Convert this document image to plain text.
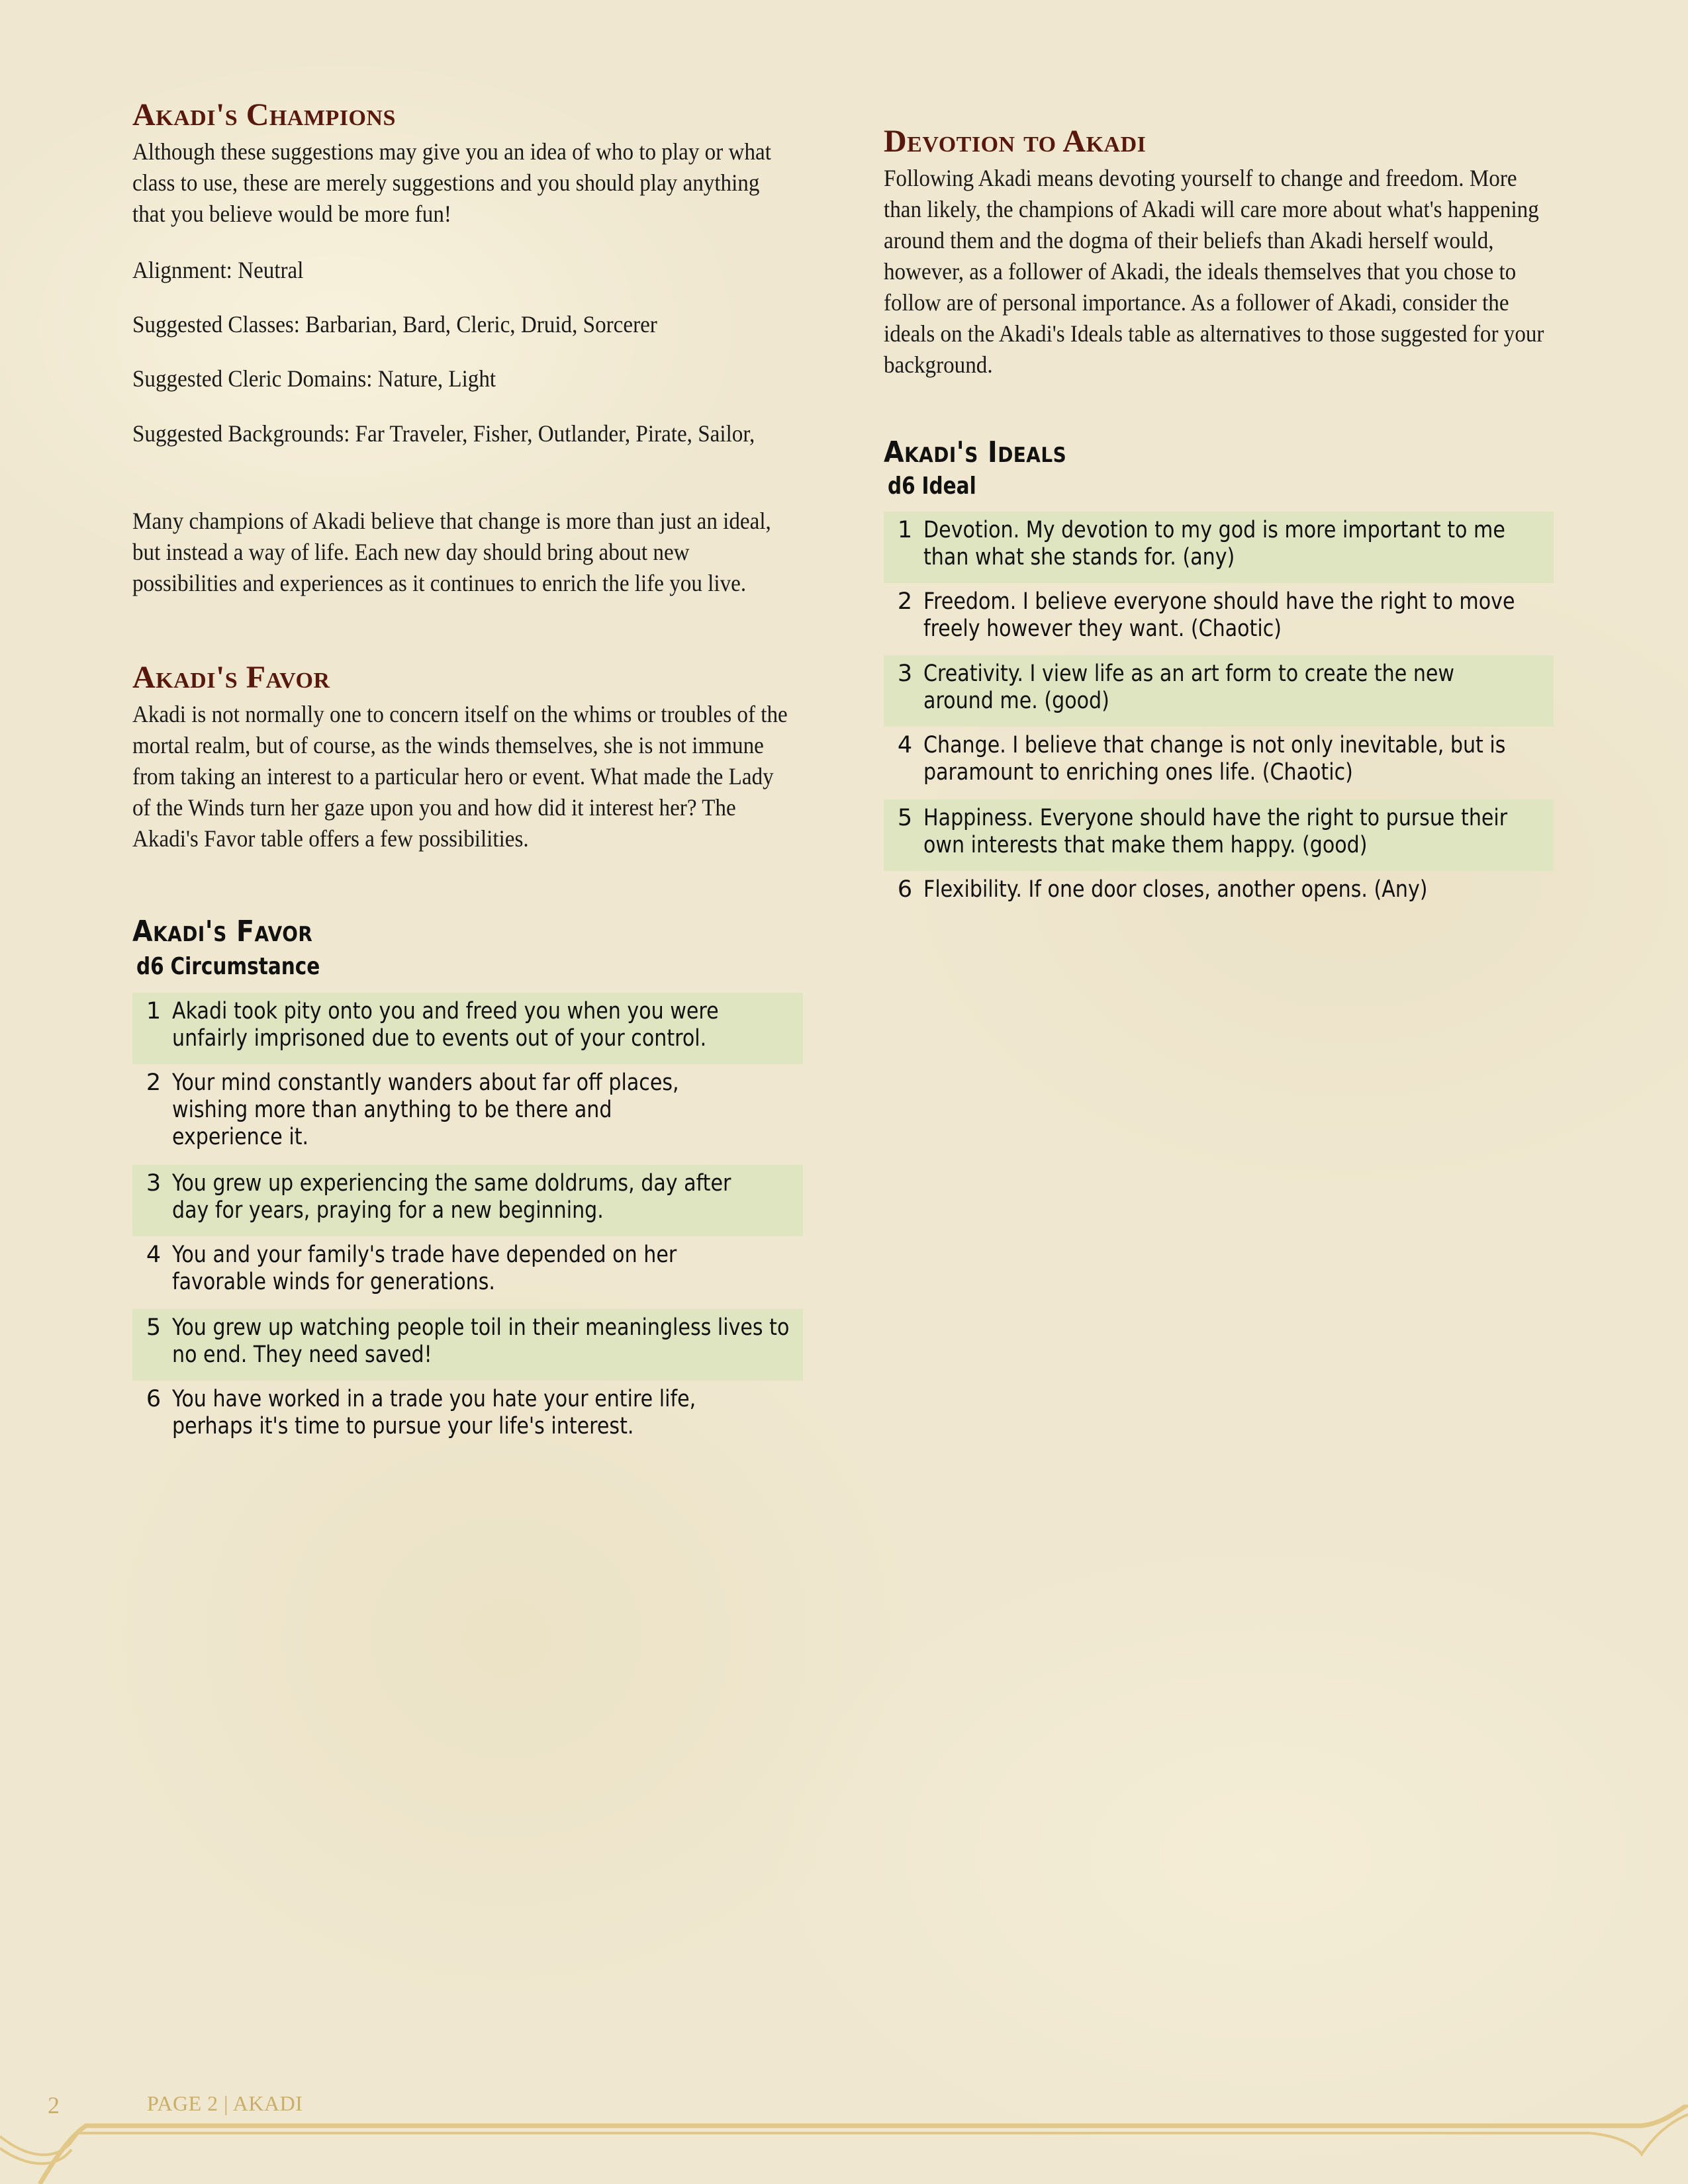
Akadi's Champions

Although these suggestions may give you an idea of who to play or what class to use, these are merely suggestions and you should play anything that you believe would be more fun!

Alignment: Neutral

Suggested Classes: Barbarian, Bard, Cleric, Druid, Sorcerer

Suggested Cleric Domains: Nature, Light

Suggested Backgrounds: Far Traveler, Fisher, Outlander, Pirate, Sailor,

Many champions of Akadi believe that change is more than just an ideal, but instead a way of life. Each new day should bring about new possibilities and experiences as it continues to enrich the life you live.

Akadi's Favor

Akadi is not normally one to concern itself on the whims or troubles of the mortal realm, but of course, as the winds themselves, she is not immune from taking an interest to a particular hero or event. What made the Lady of the Winds turn her gaze upon you and how did it interest her? The Akadi's Favor table offers a few possibilities.

Akadi's Favor
d6 Circumstance
1 Akadi took pity onto you and freed you when you were unfairly imprisoned due to events out of your control.
2 Your mind constantly wanders about far off places, wishing more than anything to be there and experience it.
3 You grew up experiencing the same doldrums, day after day for years, praying for a new beginning.
4 You and your family's trade have depended on her favorable winds for generations.
5 You grew up watching people toil in their meaningless lives to no end. They need saved!
6 You have worked in a trade you hate your entire life, perhaps it's time to pursue your life's interest.
Devotion to Akadi

Following Akadi means devoting yourself to change and freedom. More than likely, the champions of Akadi will care more about what's happening around them and the dogma of their beliefs than Akadi herself would, however, as a follower of Akadi, the ideals themselves that you chose to follow are of personal importance. As a follower of Akadi, consider the ideals on the Akadi's Ideals table as alternatives to those suggested for your background.

Akadi's Ideals
d6 Ideal
1 Devotion. My devotion to my god is more important to me than what she stands for. (any)
2 Freedom. I believe everyone should have the right to move freely however they want. (Chaotic)
3 Creativity. I view life as an art form to create the new around me. (good)
4 Change. I believe that change is not only inevitable, but is paramount to enriching ones life. (Chaotic)
5 Happiness. Everyone should have the right to pursue their own interests that make them happy. (good)
6 Flexibility. If one door closes, another opens. (Any)
2	PAGE 2 | AKADI
